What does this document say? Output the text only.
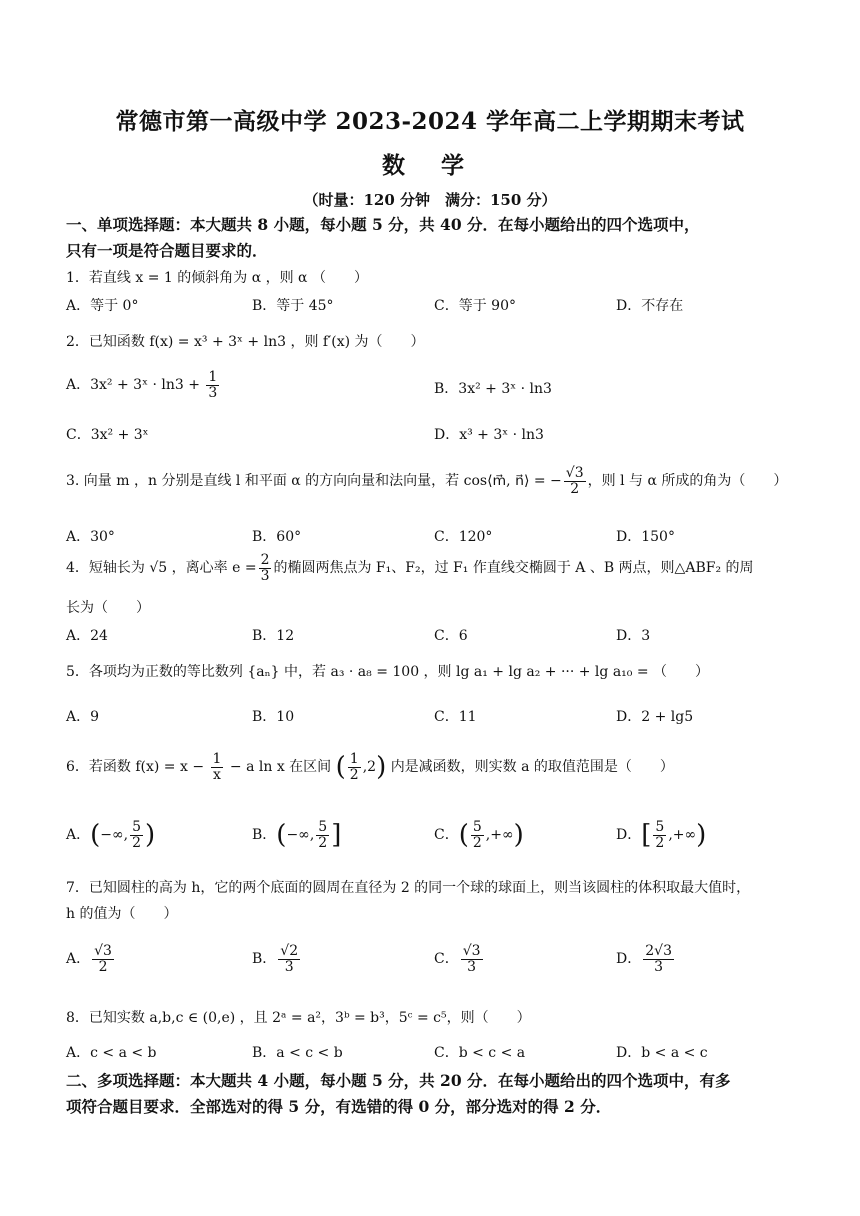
常德市第一高级中学 2023-2024 学年高二上学期期末考试
数 学
（时量：120 分钟　满分：150 分）
一、单项选择题：本大题共 8 小题，每小题 5 分，共 40 分．在每小题给出的四个选项中，
只有一项是符合题目要求的．
1．若直线 x = 1 的倾斜角为 α ，则 α （　　）
A．等于 0°	B．等于 45°	C．等于 90°	D．不存在
2．已知函数 f(x) = x³ + 3ˣ + ln3 ，则 f′(x) 为（　　）
A．3x² + 3ˣ · $\ln 3 + \frac{1}{3}$	B．3x² + 3ˣ · ln3
C．3x² + 3ˣ	D．x³ + 3ˣ · ln3
3. 向量 m ，n 分别是直线 l 和平面 α 的方向向量和法向量，若 cos⟨m⃗, n⃗⟩ = − $\frac{√3}{2}$ ，则 l 与 α 所成的角为（　　）
A．30°	B．60°	C．120°	D．150°
4．短轴长为 √5 ，离心率 $e = \frac{2}{3}$ 的椭圆两焦点为 F₁、F₂，过 F₁ 作直线交椭圆于 A 、B 两点，则△ABF₂ 的周
长为（　　）
A．24	B．12	C．6	D．3
5．各项均为正数的等比数列 {aₙ} 中，若 a₃ · a₈ = 100 ，则 lg a₁ + lg a₂ + ··· + lg a₁₀ = （　　）
A．9	B．10	C．11	D．2 + lg5
6．若函数 $f(x) = x - \frac{1}{x} - a$ ln x 在区间 ( $\frac{1}{2} ,2$) 内是减函数，则实数 a 的取值范围是（　　）
A．(−∞, $\frac{5}{2}$ )	B．(−∞, $\frac{5}{2}$ ]	C．( $\frac{5}{2}$ ,+∞)	D．[ $\frac{5}{2}$ ,+∞)
7．已知圆柱的高为 h，它的两个底面的圆周在直径为 2 的同一个球的球面上，则当该圆柱的体积取最大值时，
h 的值为（　　）
A． $\frac{√3}{2}$	B． $\frac{√2}{3}$	C． $\frac{√3}{3}$	D． $\frac{2√3}{3}$
8．已知实数 a,b,c ∈ (0,e) ，且 2ᵃ = a²，3ᵇ = b³，5ᶜ = c⁵，则（　　）
A．c < a < b	B．a < c < b	C．b < c < a	D．b < a < c
二、多项选择题：本大题共 4 小题，每小题 5 分，共 20 分．在每小题给出的四个选项中，有多
项符合题目要求．全部选对的得 5 分，有选错的得 0 分，部分选对的得 2 分．
